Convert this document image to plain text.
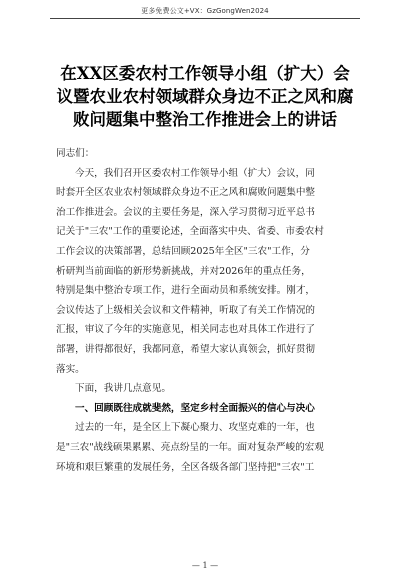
更多免费公文+VX：GzGongWen2024
在XX区委农村工作领导小组（扩大）会
议暨农业农村领域群众身边不正之风和腐
败问题集中整治工作推进会上的讲话
同志们：
今天，我们召开区委农村工作领导小组（扩大）会议，同
时套开全区农业农村领域群众身边不正之风和腐败问题集中整
治工作推进会。会议的主要任务是，深入学习贯彻习近平总书
记关于"三农"工作的重要论述，全面落实中央、省委、市委农村
工作会议的决策部署，总结回顾2025年全区"三农"工作，分
析研判当前面临的新形势新挑战，并对2026年的重点任务，
特别是集中整治专项工作，进行全面动员和系统安排。刚才，
会议传达了上级相关会议和文件精神，听取了有关工作情况的
汇报，审议了今年的实施意见，相关同志也对具体工作进行了
部署，讲得都很好，我都同意，希望大家认真领会，抓好贯彻
落实。
下面，我讲几点意见。
一、回顾既往成就斐然，坚定乡村全面振兴的信心与决心
过去的一年，是全区上下凝心聚力、攻坚克难的一年，也
是"三农"战线硕果累累、亮点纷呈的一年。面对复杂严峻的宏观
环境和艰巨繁重的发展任务，全区各级各部门坚持把"三农"工
— 1 —
